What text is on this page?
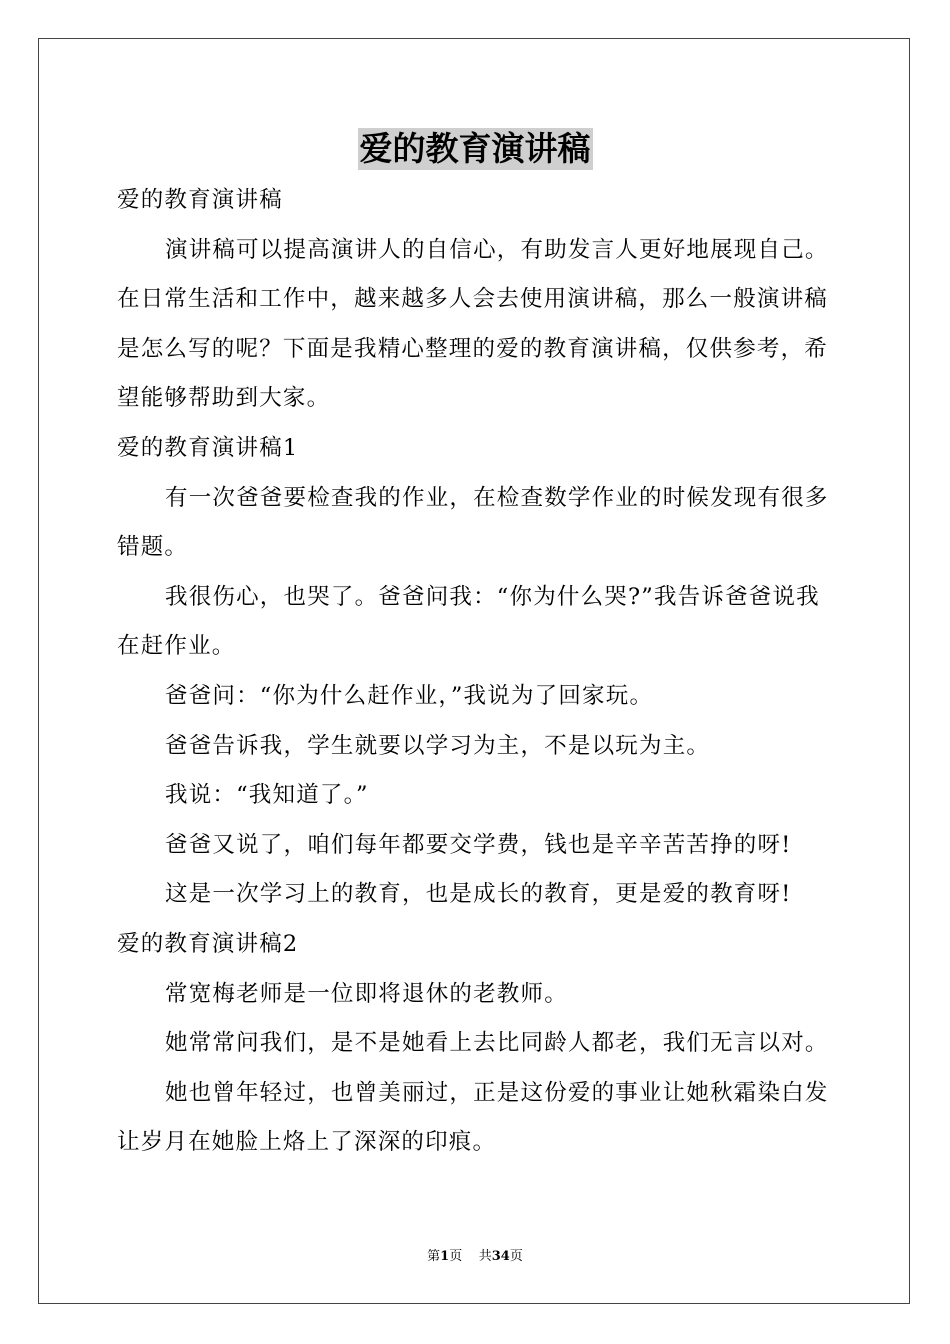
爱的教育演讲稿

爱的教育演讲稿

演讲稿可以提高演讲人的自信心，有助发言人更好地展现自己。在日常生活和工作中，越来越多人会去使用演讲稿，那么一般演讲稿是怎么写的呢？下面是我精心整理的爱的教育演讲稿，仅供参考，希望能够帮助到大家。

爱的教育演讲稿1

有一次爸爸要检查我的作业，在检查数学作业的时候发现有很多错题。

我很伤心，也哭了。爸爸问我：“你为什么哭?”我告诉爸爸说我在赶作业。

爸爸问：“你为什么赶作业，”我说为了回家玩。

爸爸告诉我，学生就要以学习为主，不是以玩为主。

我说：“我知道了。”

爸爸又说了，咱们每年都要交学费，钱也是辛辛苦苦挣的呀!

这是一次学习上的教育，也是成长的教育，更是爱的教育呀!

爱的教育演讲稿2

常宽梅老师是一位即将退休的老教师。

她常常问我们，是不是她看上去比同龄人都老，我们无言以对。

她也曾年轻过，也曾美丽过，正是这份爱的事业让她秋霜染白发让岁月在她脸上烙上了深深的印痕。

第1页 共34页
